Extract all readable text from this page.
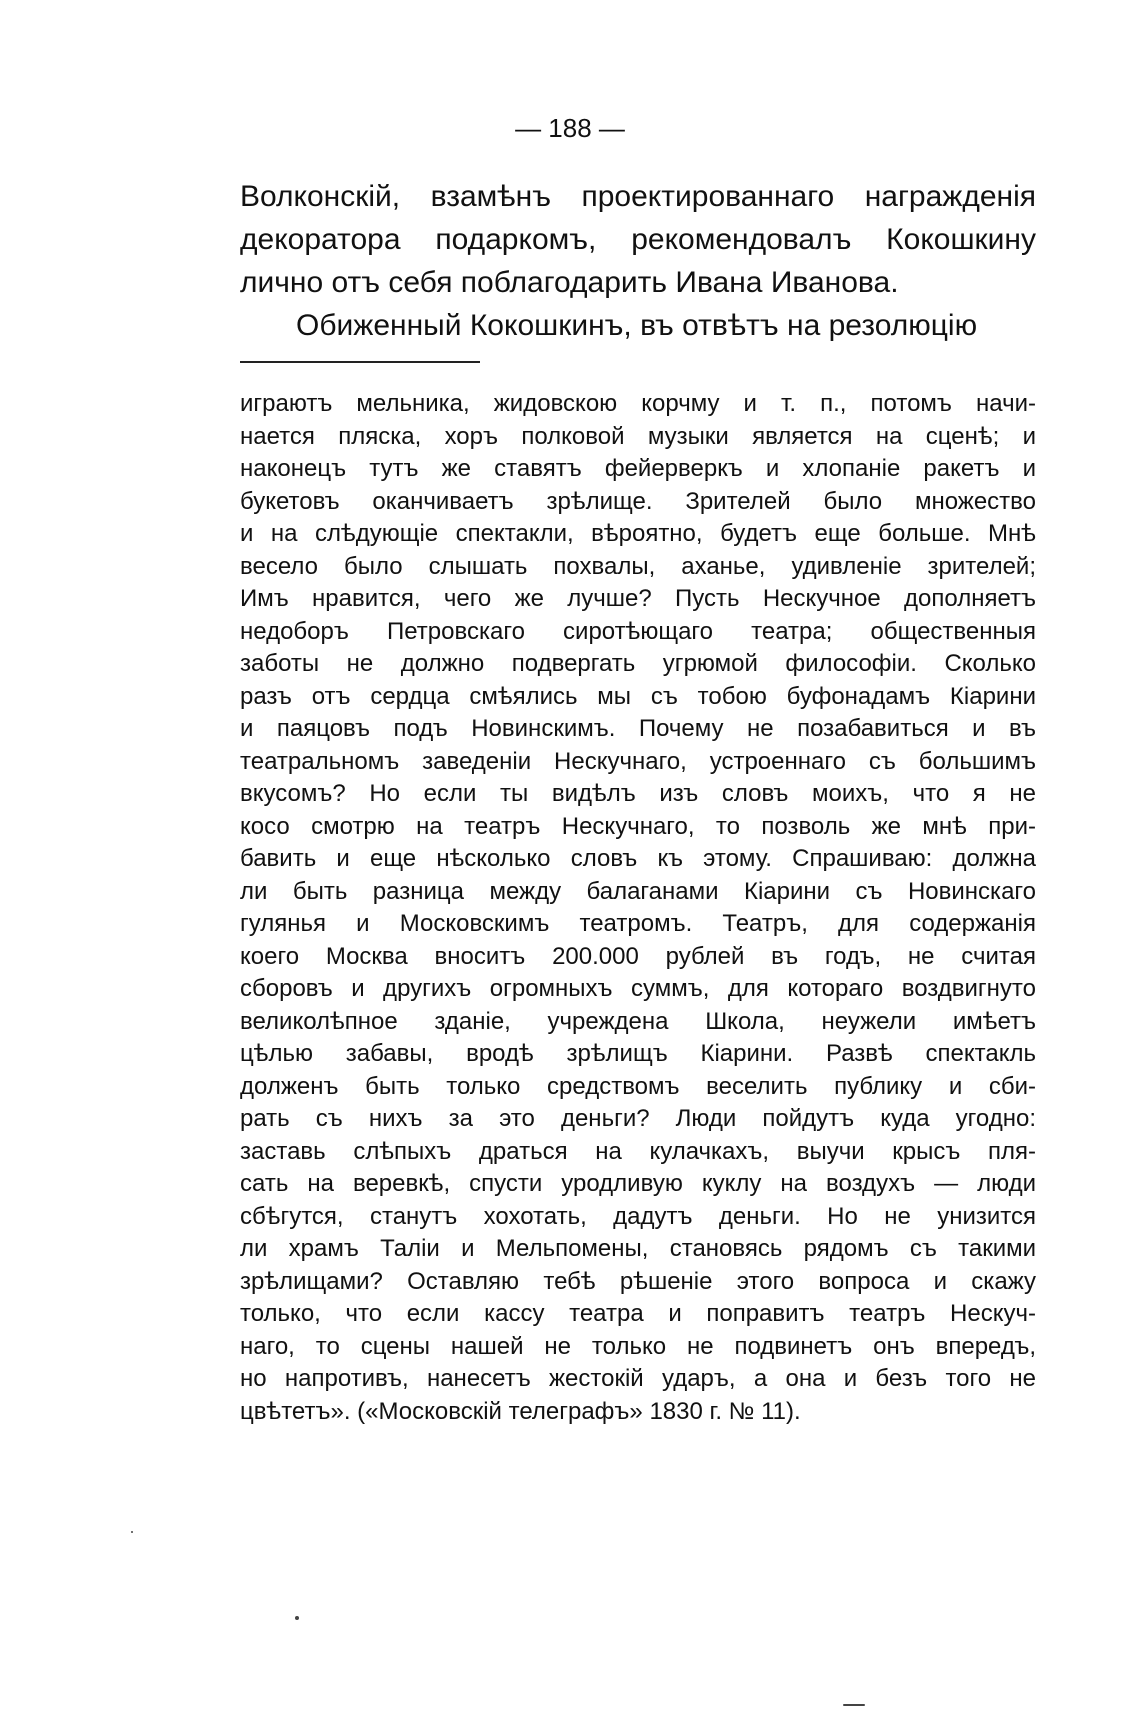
— 188 —
Волконскій, взамѣнъ проектированнаго награжденія
декоратора подаркомъ, рекомендовалъ Кокошкину
лично отъ себя поблагодарить Ивана Иванова.
Обиженный Кокошкинъ, въ отвѣтъ на резолюцію
играютъ мельника, жидовскою корчму и т. п., потомъ начи-
нается пляска, хоръ полковой музыки является на сценѣ; и
наконецъ тутъ же ставятъ фейерверкъ и хлопаніе ракетъ и
букетовъ оканчиваетъ зрѣлище. Зрителей было множество
и на слѣдующіе спектакли, вѣроятно, будетъ еще больше. Мнѣ
весело было слышать похвалы, аханье, удивленіе зрителей;
Имъ нравится, чего же лучше? Пусть Нескучное дополняетъ
недоборъ Петровскаго сиротѣющаго театра; общественныя
заботы не должно подвергать угрюмой философіи. Сколько
разъ отъ сердца смѣялись мы съ тобою буфонадамъ Кіарини
и паяцовъ подъ Новинскимъ. Почему не позабавиться и въ
театральномъ заведеніи Нескучнаго, устроеннаго съ большимъ
вкусомъ? Но если ты видѣлъ изъ словъ моихъ, что я не
косо смотрю на театръ Нескучнаго, то позволь же мнѣ при-
бавить и еще нѣсколько словъ къ этому. Спрашиваю: должна
ли быть разница между балаганами Кіарини съ Новинскаго
гулянья и Московскимъ театромъ. Театръ, для содержанія
коего Москва вноситъ 200.000 рублей въ годъ, не считая
сборовъ и другихъ огромныхъ суммъ, для котораго воздвигнуто
великолѣпное зданіе, учреждена Школа, неужели имѣетъ
цѣлью забавы, вродѣ зрѣлищъ Кіарини. Развѣ спектакль
долженъ быть только средствомъ веселить публику и сби-
рать съ нихъ за это деньги? Люди пойдутъ куда угодно:
заставь слѣпыхъ драться на кулачкахъ, выучи крысъ пля-
сать на веревкѣ, спусти уродливую куклу на воздухъ — люди
сбѣгутся, станутъ хохотать, дадутъ деньги. Но не унизится
ли храмъ Таліи и Мельпомены, становясь рядомъ съ такими
зрѣлищами? Оставляю тебѣ рѣшеніе этого вопроса и скажу
только, что если кассу театра и поправитъ театръ Нескуч-
наго, то сцены нашей не только не подвинетъ онъ впередъ,
но напротивъ, нанесетъ жестокій ударъ, а она и безъ того не
цвѣтетъ». («Московскій телеграфъ» 1830 г. № 11).
